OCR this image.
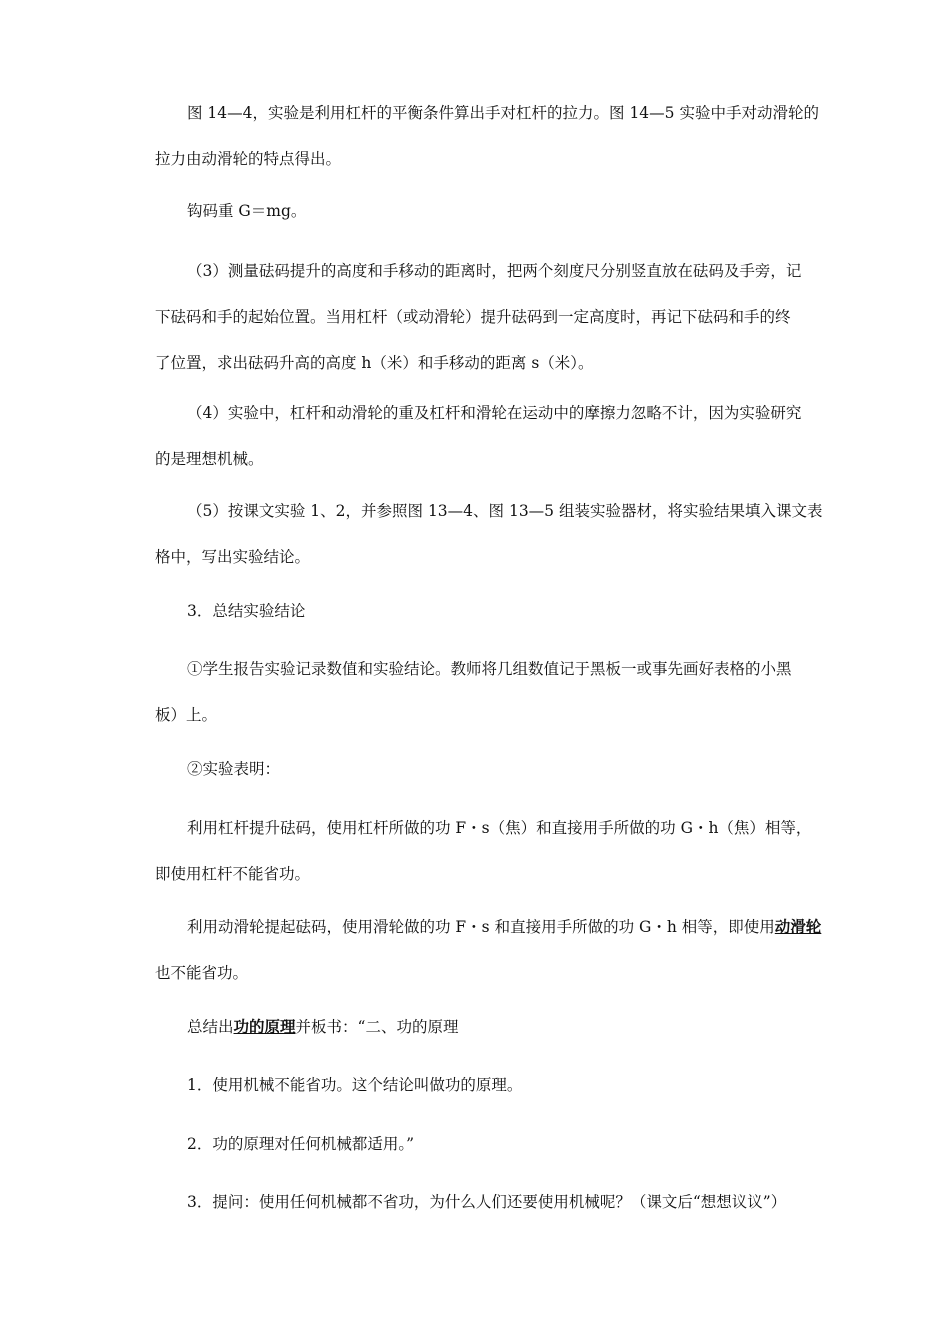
图 14—4，实验是利用杠杆的平衡条件算出手对杠杆的拉力。图 14—5 实验中手对动滑轮的
拉力由动滑轮的特点得出。
钩码重 G＝mg。
（3）测量砝码提升的高度和手移动的距离时，把两个刻度尺分别竖直放在砝码及手旁，记
下砝码和手的起始位置。当用杠杆（或动滑轮）提升砝码到一定高度时，再记下砝码和手的终
了位置，求出砝码升高的高度 h（米）和手移动的距离 s（米）。
（4）实验中，杠杆和动滑轮的重及杠杆和滑轮在运动中的摩擦力忽略不计，因为实验研究
的是理想机械。
（5）按课文实验 1、2，并参照图 13—4、图 13—5 组装实验器材，将实验结果填入课文表
格中，写出实验结论。
3．总结实验结论
①学生报告实验记录数值和实验结论。教师将几组数值记于黑板一或事先画好表格的小黑
板）上。
②实验表明：
利用杠杆提升砝码，使用杠杆所做的功 F・s（焦）和直接用手所做的功 G・h（焦）相等，
即使用杠杆不能省功。
利用动滑轮提起砝码，使用滑轮做的功 F・s 和直接用手所做的功 G・h 相等，即使用动滑轮
也不能省功。
总结出功的原理并板书：“二、功的原理
1．使用机械不能省功。这个结论叫做功的原理。
2．功的原理对任何机械都适用。”
3．提问：使用任何机械都不省功，为什么人们还要使用机械呢？（课文后“想想议议”）
